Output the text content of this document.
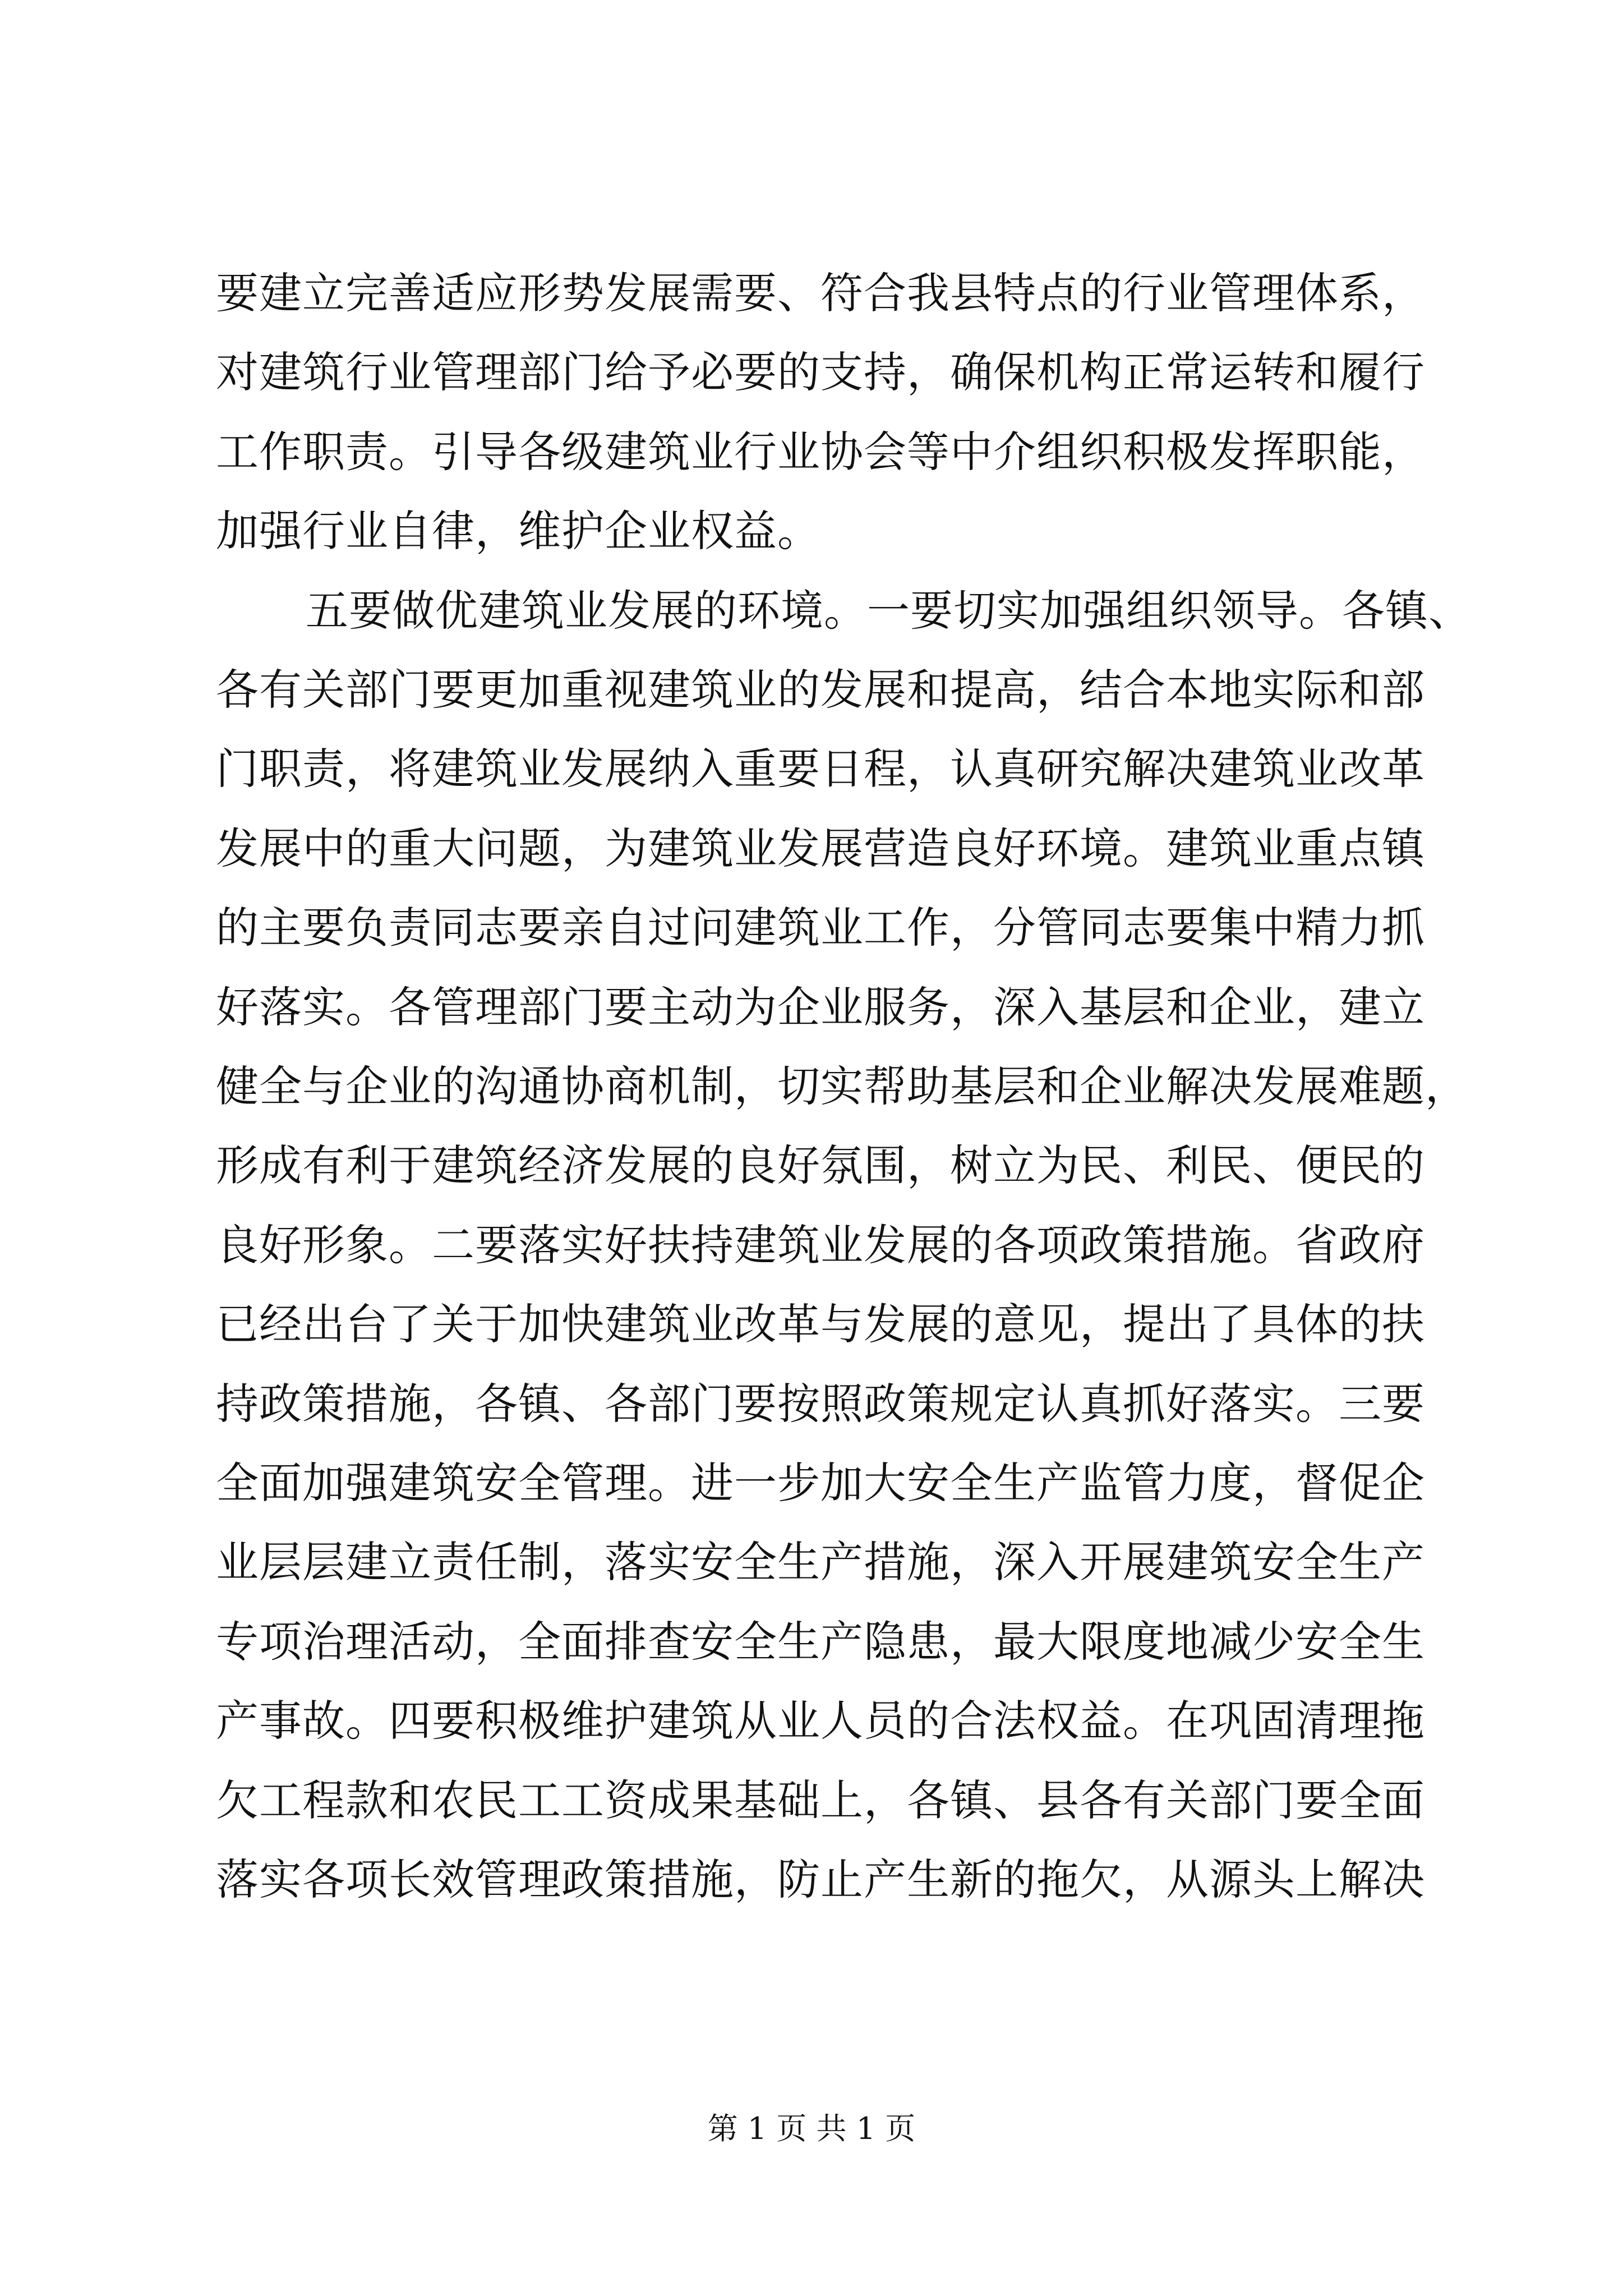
要建立完善适应形势发展需要、符合我县特点的行业管理体系，
对建筑行业管理部门给予必要的支持，确保机构正常运转和履行
工作职责。引导各级建筑业行业协会等中介组织积极发挥职能，
加强行业自律，维护企业权益。
五要做优建筑业发展的环境。一要切实加强组织领导。各镇、
各有关部门要更加重视建筑业的发展和提高，结合本地实际和部
门职责，将建筑业发展纳入重要日程，认真研究解决建筑业改革
发展中的重大问题，为建筑业发展营造良好环境。建筑业重点镇
的主要负责同志要亲自过问建筑业工作，分管同志要集中精力抓
好落实。各管理部门要主动为企业服务，深入基层和企业，建立
健全与企业的沟通协商机制，切实帮助基层和企业解决发展难题，
形成有利于建筑经济发展的良好氛围，树立为民、利民、便民的
良好形象。二要落实好扶持建筑业发展的各项政策措施。省政府
已经出台了关于加快建筑业改革与发展的意见，提出了具体的扶
持政策措施，各镇、各部门要按照政策规定认真抓好落实。三要
全面加强建筑安全管理。进一步加大安全生产监管力度，督促企
业层层建立责任制，落实安全生产措施，深入开展建筑安全生产
专项治理活动，全面排查安全生产隐患，最大限度地减少安全生
产事故。四要积极维护建筑从业人员的合法权益。在巩固清理拖
欠工程款和农民工工资成果基础上，各镇、县各有关部门要全面
落实各项长效管理政策措施，防止产生新的拖欠，从源头上解决
第 1 页 共 1 页
